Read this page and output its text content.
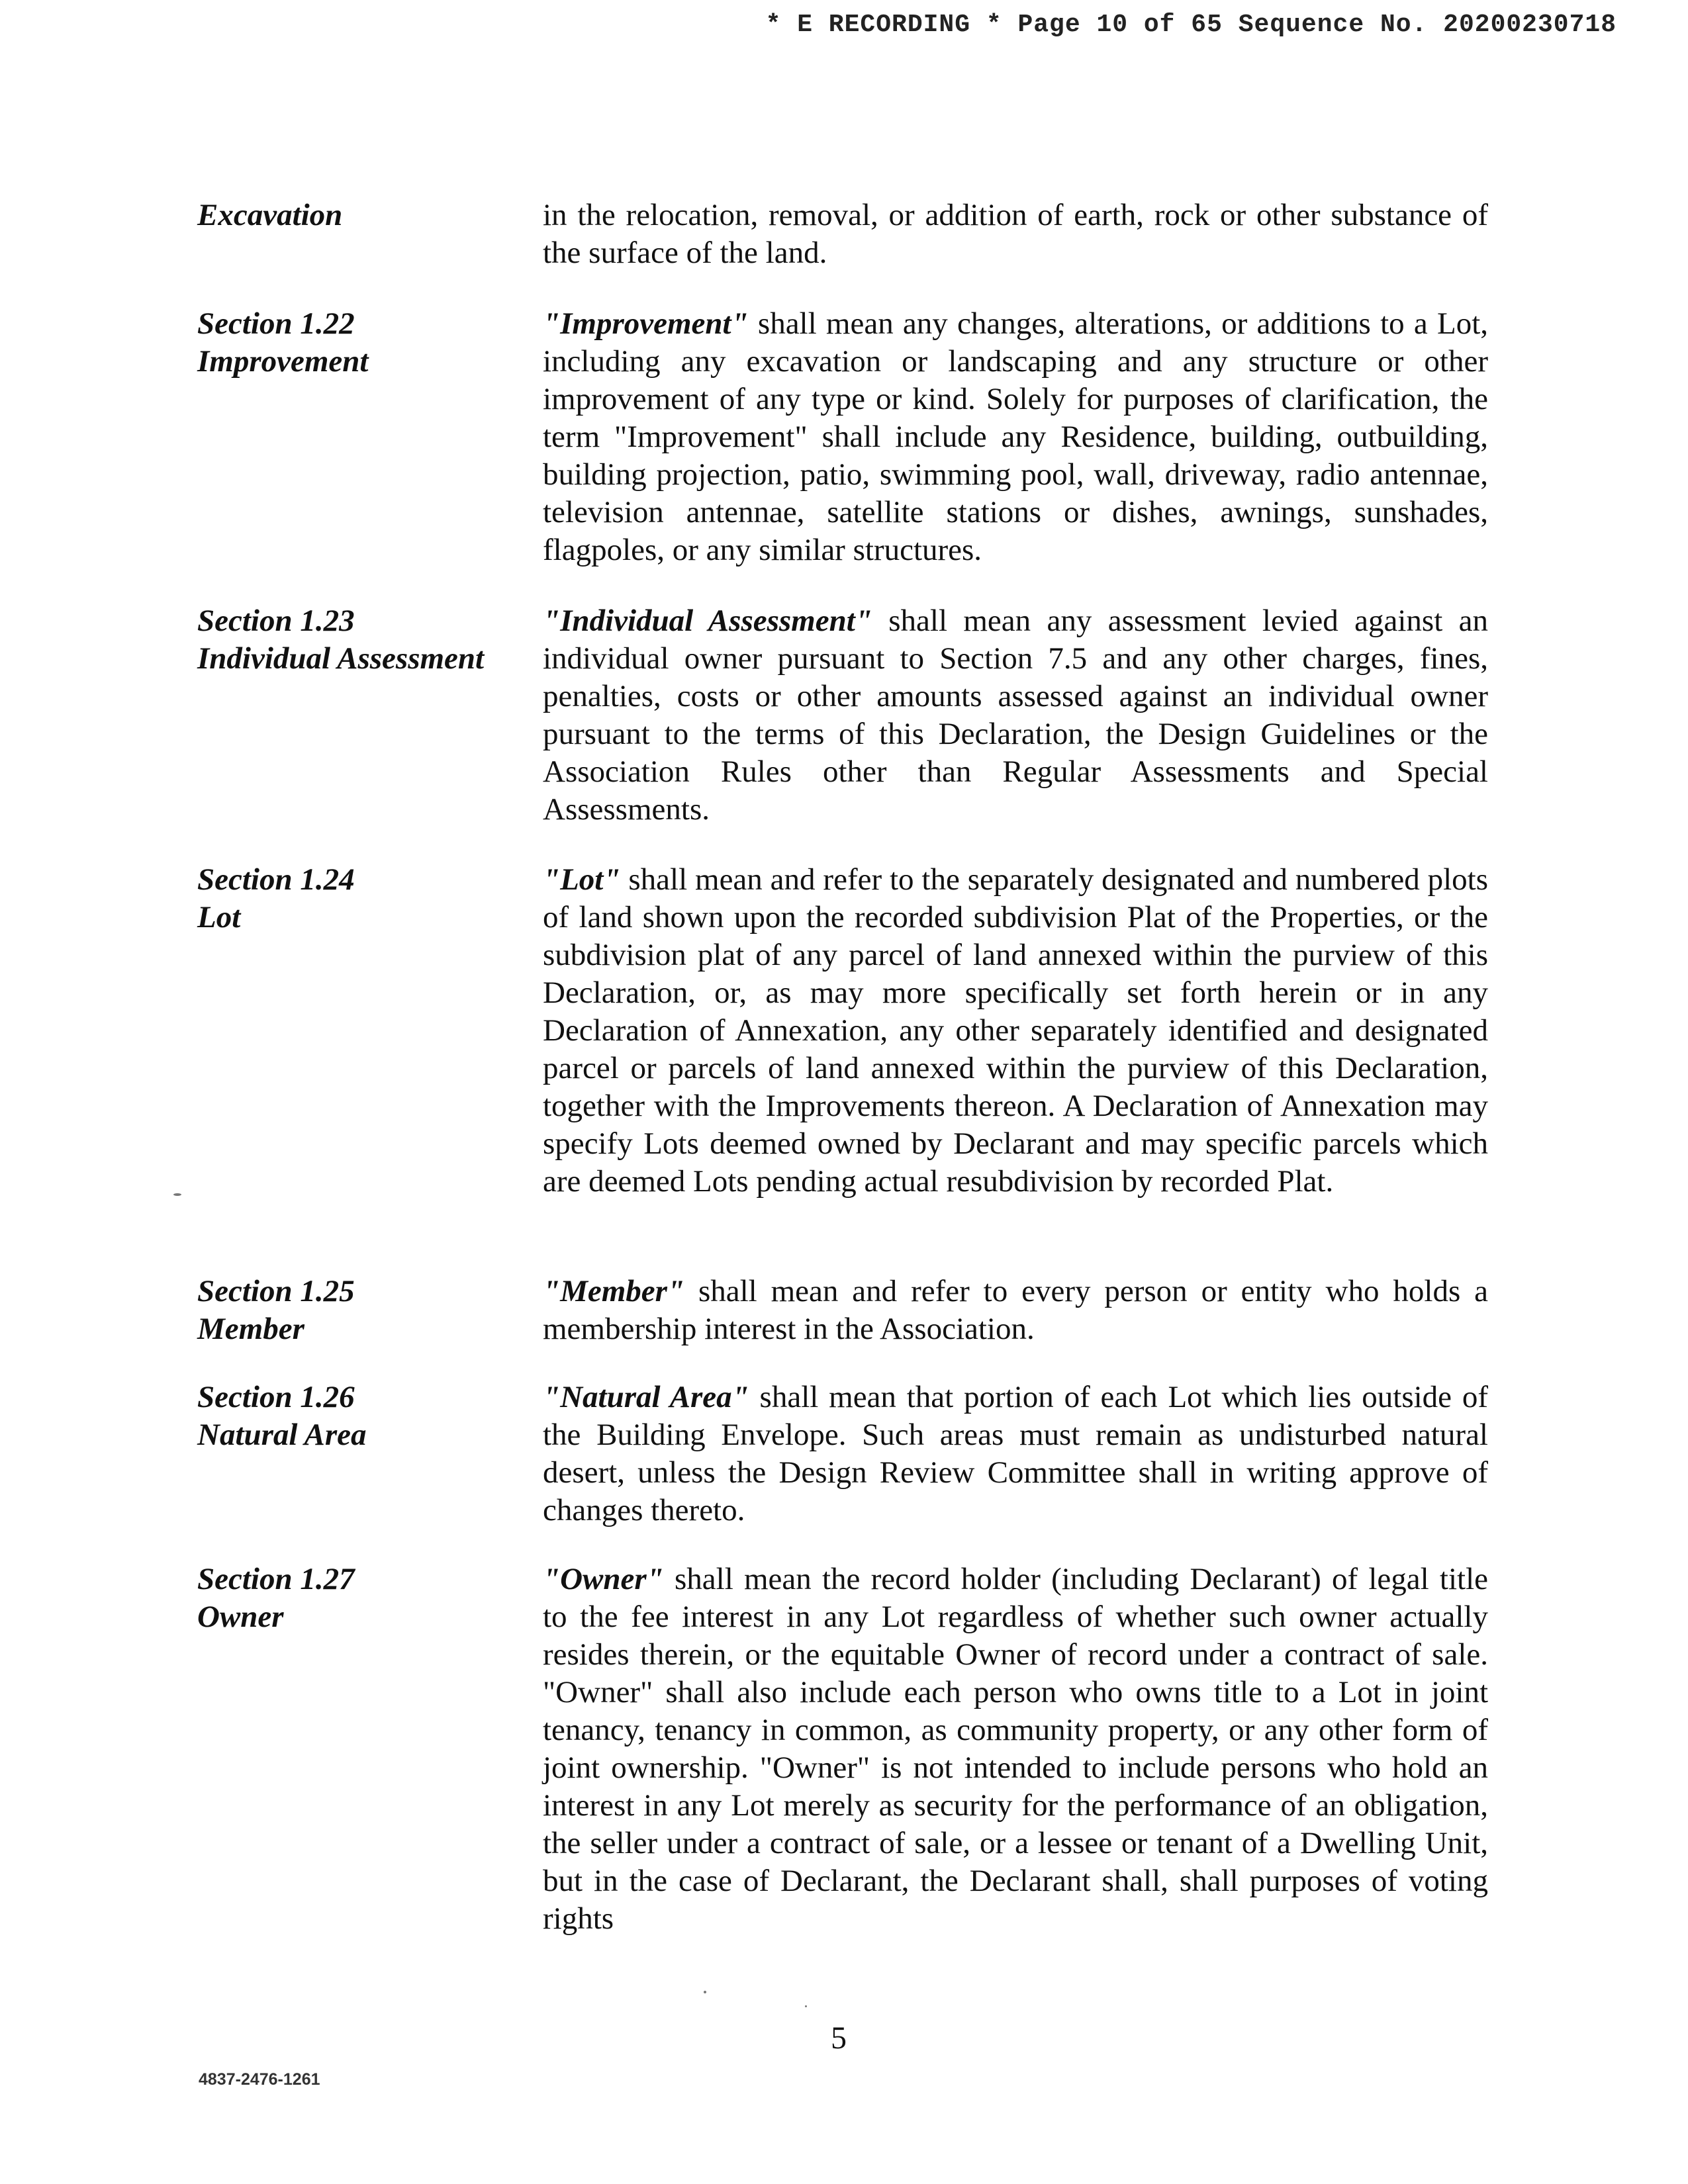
* E RECORDING * Page 10 of 65 Sequence No. 20200230718
Excavation	in the relocation, removal, or addition of earth, rock or other substance of the surface of the land.
Section 1.22
Improvement
"Improvement" shall mean any changes, alterations, or additions to a Lot, including any excavation or landscaping and any structure or other improvement of any type or kind. Solely for purposes of clarification, the term "Improvement" shall include any Residence, building, outbuilding, building projection, patio, swimming pool, wall, driveway, radio antennae, television antennae, satellite stations or dishes, awnings, sunshades, flagpoles, or any similar structures.
Section 1.23
Individual Assessment
"Individual Assessment" shall mean any assessment levied against an individual owner pursuant to Section 7.5 and any other charges, fines, penalties, costs or other amounts assessed against an individual owner pursuant to the terms of this Declaration, the Design Guidelines or the Association Rules other than Regular Assessments and Special Assessments.
Section 1.24
Lot
"Lot" shall mean and refer to the separately designated and numbered plots of land shown upon the recorded subdivision Plat of the Properties, or the subdivision plat of any parcel of land annexed within the purview of this Declaration, or, as may more specifically set forth herein or in any Declaration of Annexation, any other separately identified and designated parcel or parcels of land annexed within the purview of this Declaration, together with the Improvements thereon. A Declaration of Annexation may specify Lots deemed owned by Declarant and may specific parcels which are deemed Lots pending actual resubdivision by recorded Plat.
Section 1.25
Member
"Member" shall mean and refer to every person or entity who holds a membership interest in the Association.
Section 1.26
Natural Area
"Natural Area" shall mean that portion of each Lot which lies outside of the Building Envelope. Such areas must remain as undisturbed natural desert, unless the Design Review Committee shall in writing approve of changes thereto.
Section 1.27
Owner
"Owner" shall mean the record holder (including Declarant) of legal title to the fee interest in any Lot regardless of whether such owner actually resides therein, or the equitable Owner of record under a contract of sale. "Owner" shall also include each person who owns title to a Lot in joint tenancy, tenancy in common, as community property, or any other form of joint ownership. "Owner" is not intended to include persons who hold an interest in any Lot merely as security for the performance of an obligation, the seller under a contract of sale, or a lessee or tenant of a Dwelling Unit, but in the case of Declarant, the Declarant shall, shall purposes of voting rights
5
4837-2476-1261
